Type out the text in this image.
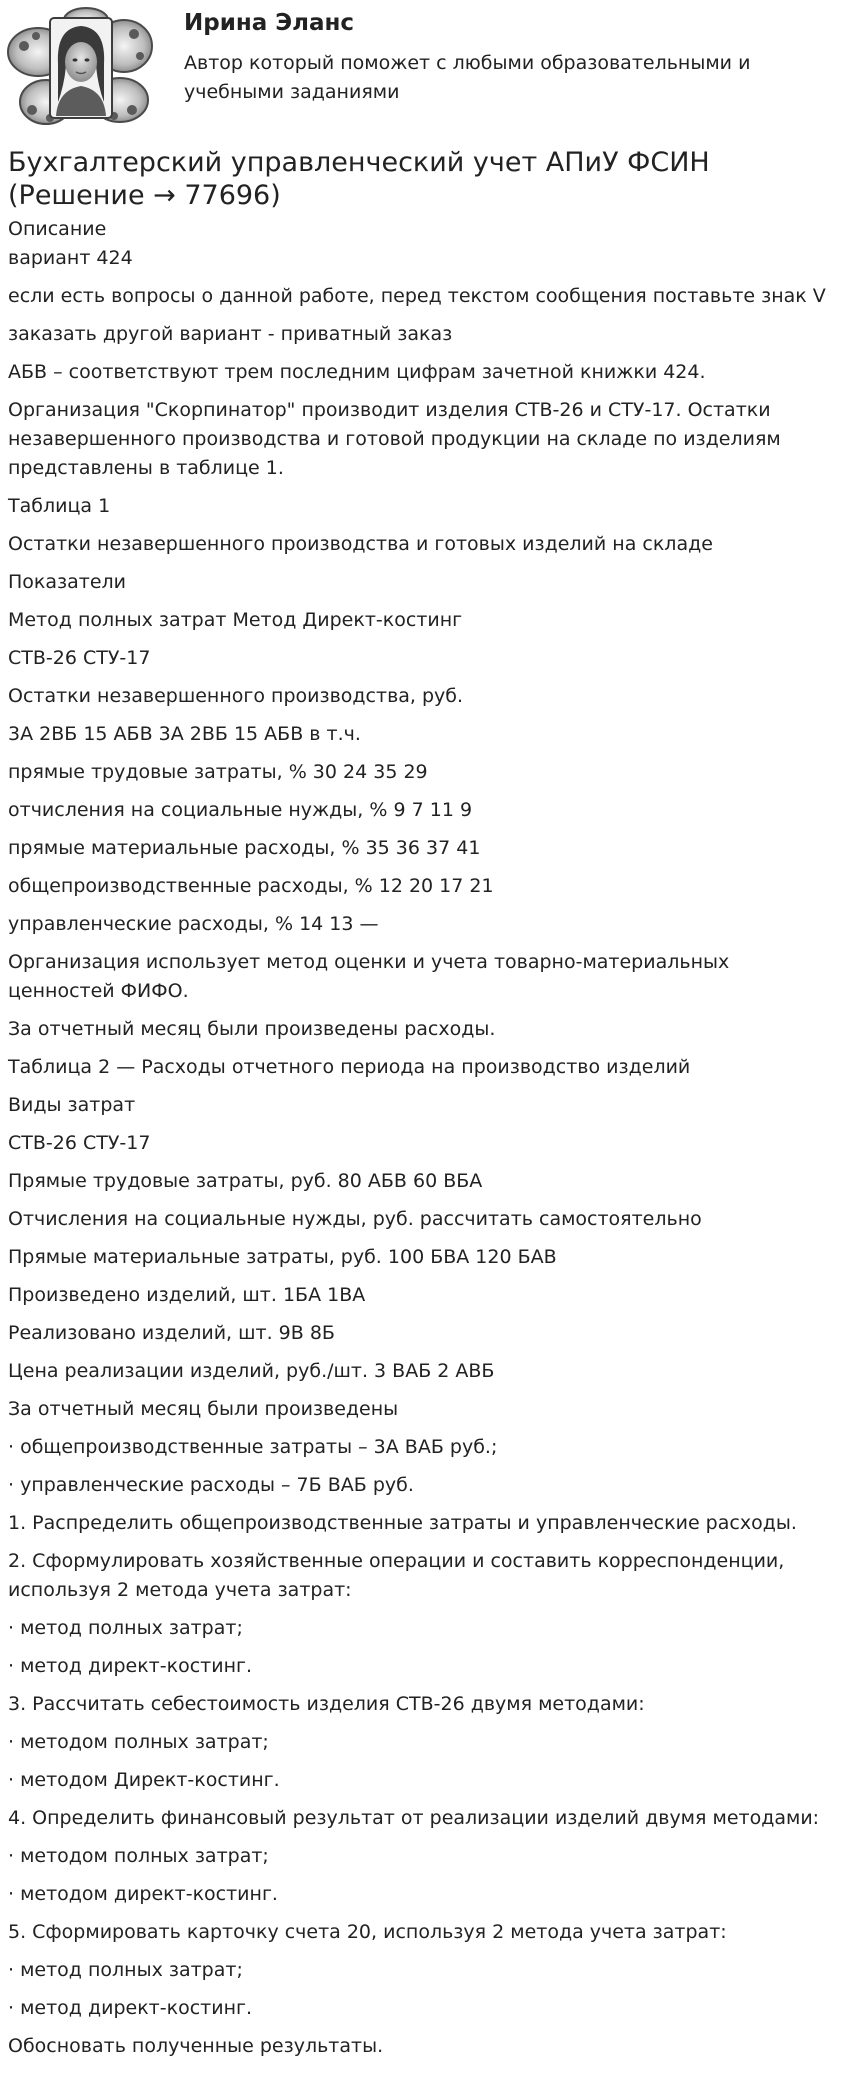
Ирина Эланс
Автор который поможет с любыми образовательными и учебными заданиями
Бухгалтерский управленческий учет АПиУ ФСИН (Решение → 77696)
Описание
вариант 424
если есть вопросы о данной работе, перед текстом сообщения поставьте знак V
заказать другой вариант - приватный заказ
АБВ – соответствуют трем последним цифрам зачетной книжки 424.
Организация "Скорпинатор" производит изделия СТВ-26 и СТУ-17. Остатки незавершенного производства и готовой продукции на складе по изделиям представлены в таблице 1.
Таблица 1
Остатки незавершенного производства и готовых изделий на складе
Показатели
Метод полных затрат Метод Директ-костинг
СТВ-26 СТУ-17
Остатки незавершенного производства, руб.
3А 2ВБ 15 АБВ 3А 2ВБ 15 АБВ в т.ч.
прямые трудовые затраты, % 30 24 35 29
отчисления на социальные нужды, % 9 7 11 9
прямые материальные расходы, % 35 36 37 41
общепроизводственные расходы, % 12 20 17 21
управленческие расходы, % 14 13 —
Организация использует метод оценки и учета товарно-материальных ценностей ФИФО.
За отчетный месяц были произведены расходы.
Таблица 2 — Расходы отчетного периода на производство изделий
Виды затрат
СТВ-26 СТУ-17
Прямые трудовые затраты, руб. 80 АБВ 60 ВБА
Отчисления на социальные нужды, руб. рассчитать самостоятельно
Прямые материальные затраты, руб. 100 БВА 120 БАВ
Произведено изделий, шт. 1БА 1ВА
Реализовано изделий, шт. 9В 8Б
Цена реализации изделий, руб./шт. 3 ВАБ 2 АВБ
За отчетный месяц были произведены
· общепроизводственные затраты – 3А ВАБ руб.;
· управленческие расходы – 7Б ВАБ руб.
1. Распределить общепроизводственные затраты и управленческие расходы.
2. Сформулировать хозяйственные операции и составить корреспонденции, используя 2 метода учета затрат:
· метод полных затрат;
· метод директ-костинг.
3. Рассчитать себестоимость изделия СТВ-26 двумя методами:
· методом полных затрат;
· методом Директ-костинг.
4. Определить финансовый результат от реализации изделий двумя методами:
· методом полных затрат;
· методом директ-костинг.
5. Сформировать карточку счета 20, используя 2 метода учета затрат:
· метод полных затрат;
· метод директ-костинг.
Обосновать полученные результаты.
